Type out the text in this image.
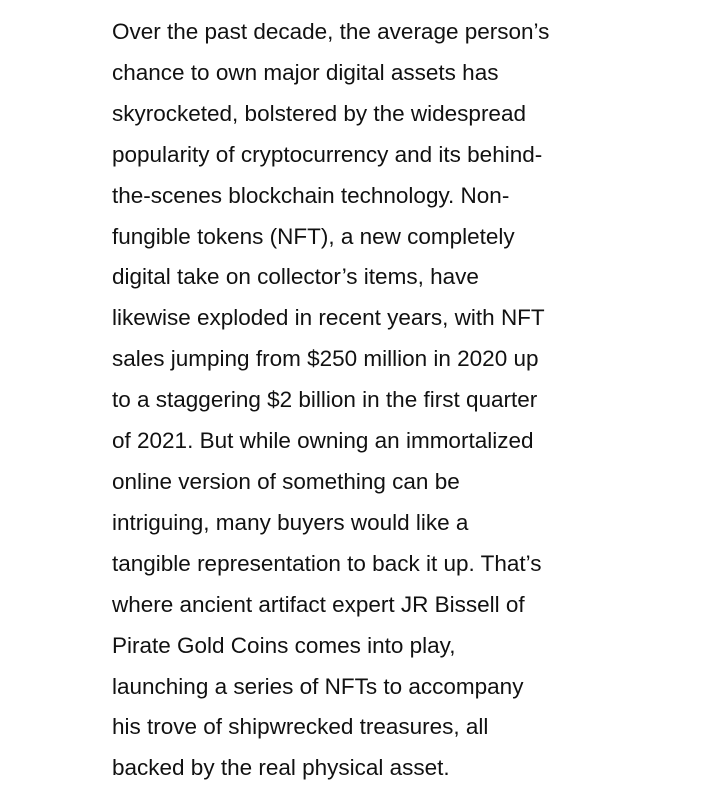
Over the past decade, the average person’s
chance to own major digital assets has
skyrocketed, bolstered by the widespread
popularity of cryptocurrency and its behind-
the-scenes blockchain technology. Non-
fungible tokens (NFT), a new completely
digital take on collector’s items, have
likewise exploded in recent years, with NFT
sales jumping from $250 million in 2020 up
to a staggering $2 billion in the first quarter
of 2021. But while owning an immortalized
online version of something can be
intriguing, many buyers would like a
tangible representation to back it up. That’s
where ancient artifact expert JR Bissell of
Pirate Gold Coins comes into play,
launching a series of NFTs to accompany
his trove of shipwrecked treasures, all
backed by the real physical asset.
